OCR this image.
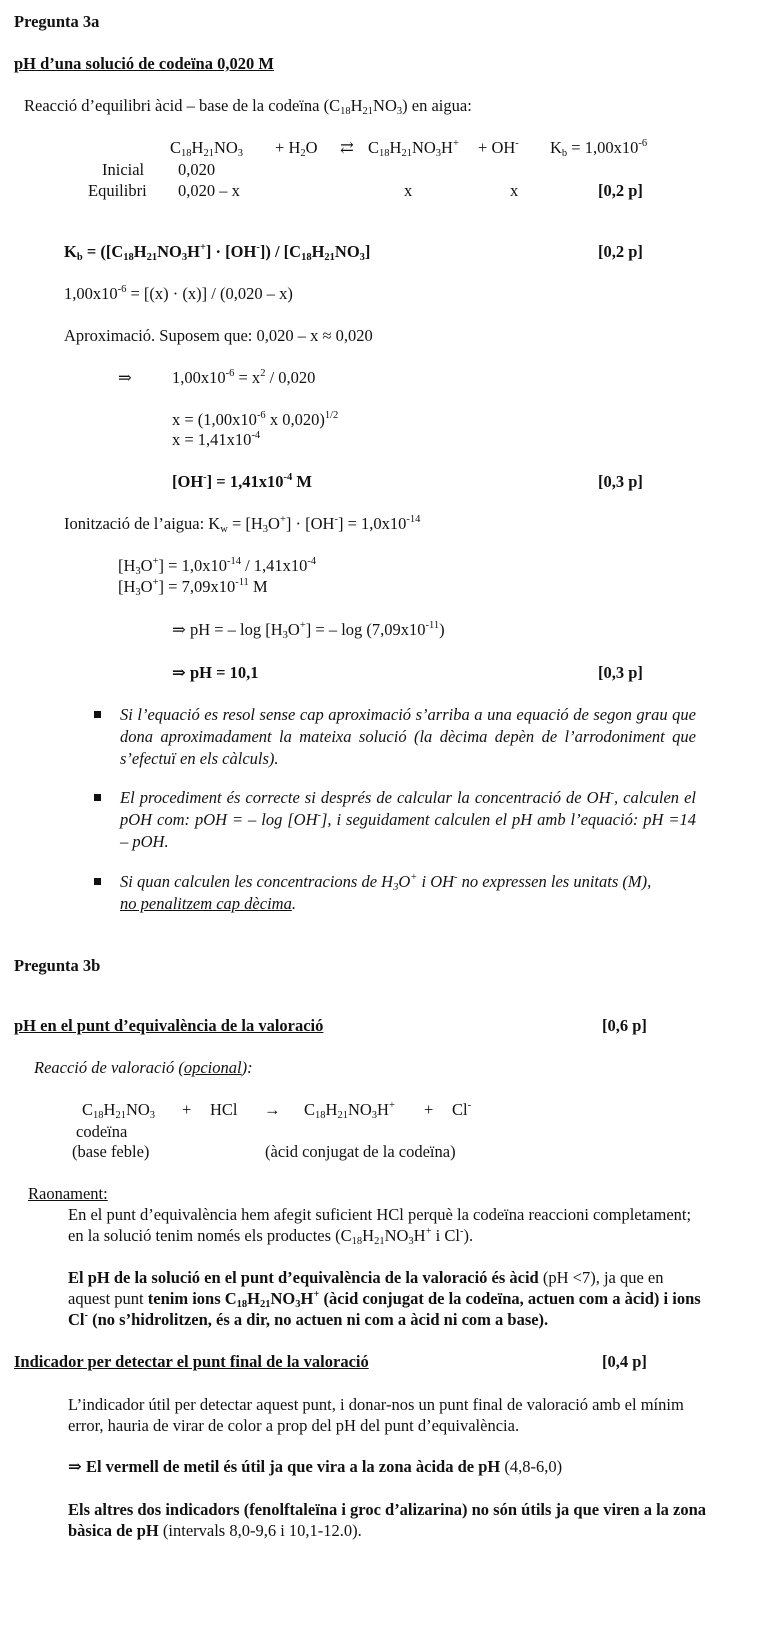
Pregunta 3a
pH d’una solució de codeïna 0,020 M
Reacció d’equilibri àcid – base de la codeïna $(C_{18}H_{21}NO_3)$ en aigua:
$C_{18}H_{21}NO_3 + H_2O$ ⇄ $C_{18}H_{21}NO_3H^+ + OH^-$ $K_b = 1,00x10^{-6}$
Inicial 0,020
Equilibri 0,020 – x	x	x	[0,2 p]
$K_b = ([C_{18}H_{21}NO_3H^+] \cdot [OH^-]) / [C_{18}H_{21}NO_3]$	[0,2 p]
$1,00x10^{-6} = [(x) \cdot (x)] / (0,020 - x)$
Aproximació. Suposem que: 0,020 – x ≈ 0,020
⇒ $1,00x10^{-6} = x^2 / 0,020$
$x = (1,00x10^{-6}$ x 0,020)$^{1/2}$
$x = 1,41x10^{-4}$
$[OH^-] = 1,41x10^{-4}$ M	[0,3 p]
Ionització de l’aigua: $K_w = [H_3O^+] \cdot [OH^-] = 1,0x10^{-14}$
$[H_3O^+] = 1,0x10^{-14} / 1,41x10^{-4}$
$[H_3O^+] = 7,09x10^{-11}$ M
⇒ pH = – $\log [H_3O^+]$ = – $\log (7,09x10^{-11})$
⇒ pH = 10,1	[0,3 p]
Si l’equació es resol sense cap aproximació s’arriba a una equació de segon grau que dona aproximadament la mateixa solució (la dècima depèn de l’arrodoniment que s’efectuï en els càlculs).
El procediment és correcte si després de calcular la concentració de OH-, calculen el pOH com: pOH = – log [OH-], i seguidament calculen el pH amb l’equació: pH =14 – pOH.
Si quan calculen les concentracions de $H_3O^+$ i OH- no expressen les unitats (M),
no penalitzem cap dècima.
Pregunta 3b
pH en el punt d’equivalència de la valoració	[0,6 p]
Reacció de valoració (opcional):
$C_{18}H_{21}NO_3$ + HCl → $C_{18}H_{21}NO_3H^+ + Cl^-$
codeïna
(base feble)	(àcid conjugat de la codeïna)
Raonament:
En el punt d’equivalència hem afegit suficient HCl perquè la codeïna reaccioni completament; en la solució tenim només els productes ($C_{18}H_{21}NO_3H^+$ i Cl-).
El pH de la solució en el punt d’equivalència de la valoració és àcid (pH <7), ja que en aquest punt tenim ions $C_{18}H_{21}NO_3H^+$ (àcid conjugat de la codeïna, actuen com a àcid) i ions Cl- (no s’hidrolitzen, és a dir, no actuen ni com a àcid ni com a base).
Indicador per detectar el punt final de la valoració	[0,4 p]
L’indicador útil per detectar aquest punt, i donar-nos un punt final de valoració amb el mínim error, hauria de virar de color a prop del pH del punt d’equivalència.
⇒ El vermell de metil és útil ja que vira a la zona àcida de pH (4,8-6,0)
Els altres dos indicadors (fenolftaleïna i groc d’alizarina) no són útils ja que viren a la zona bàsica de pH (intervals 8,0-9,6 i 10,1-12.0).
